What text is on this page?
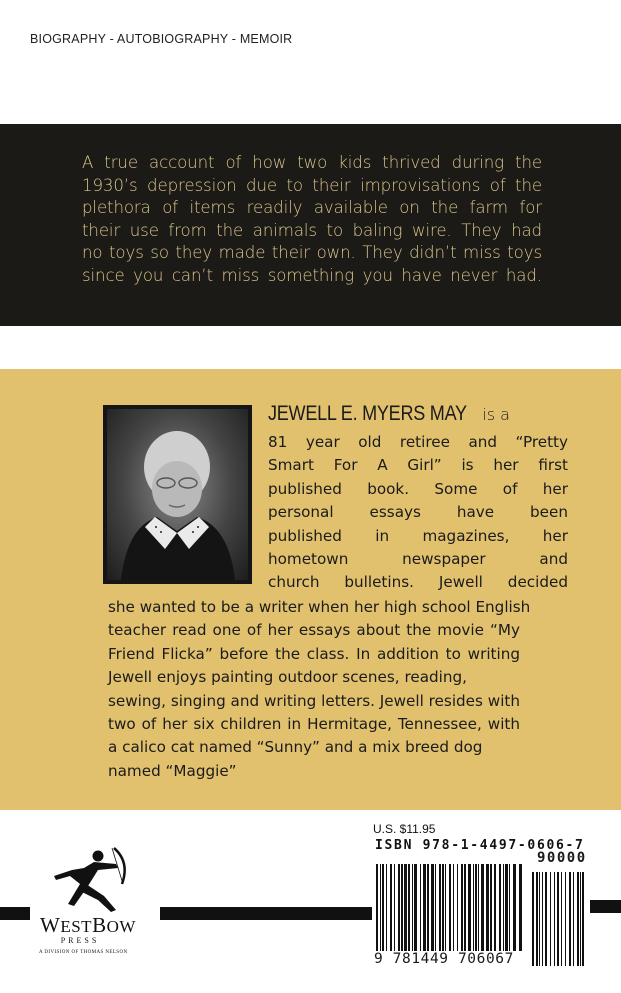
BIOGRAPHY - AUTOBIOGRAPHY - MEMOIR
A true account of how two kids thrived during the
1930’s depression due to their improvisations of the
plethora of items readily available on the farm for
their use from the animals to baling wire. They had
no toys so they made their own. They didn’t miss toys
since you can’t miss something you have never had.
JEWELL E. MYERS MAY is a
81 year old retiree and “Pretty
Smart For A Girl” is her first
published book. Some of her
personal essays have been
published in magazines, her
hometown newspaper and
church bulletins. Jewell decided
she wanted to be a writer when her high school English
teacher read one of her essays about the movie “My
Friend Flicka” before the class. In addition to writing
Jewell enjoys painting outdoor scenes, reading,
sewing, singing and writing letters. Jewell resides with
two of her six children in Hermitage, Tennessee, with
a calico cat named “Sunny” and a mix breed dog
named “Maggie”
WESTBOW
PRESS
A DIVISION OF THOMAS NELSON
U.S. $11.95
ISBN 978-1-4497-0606-7
90000
9 781449 706067
